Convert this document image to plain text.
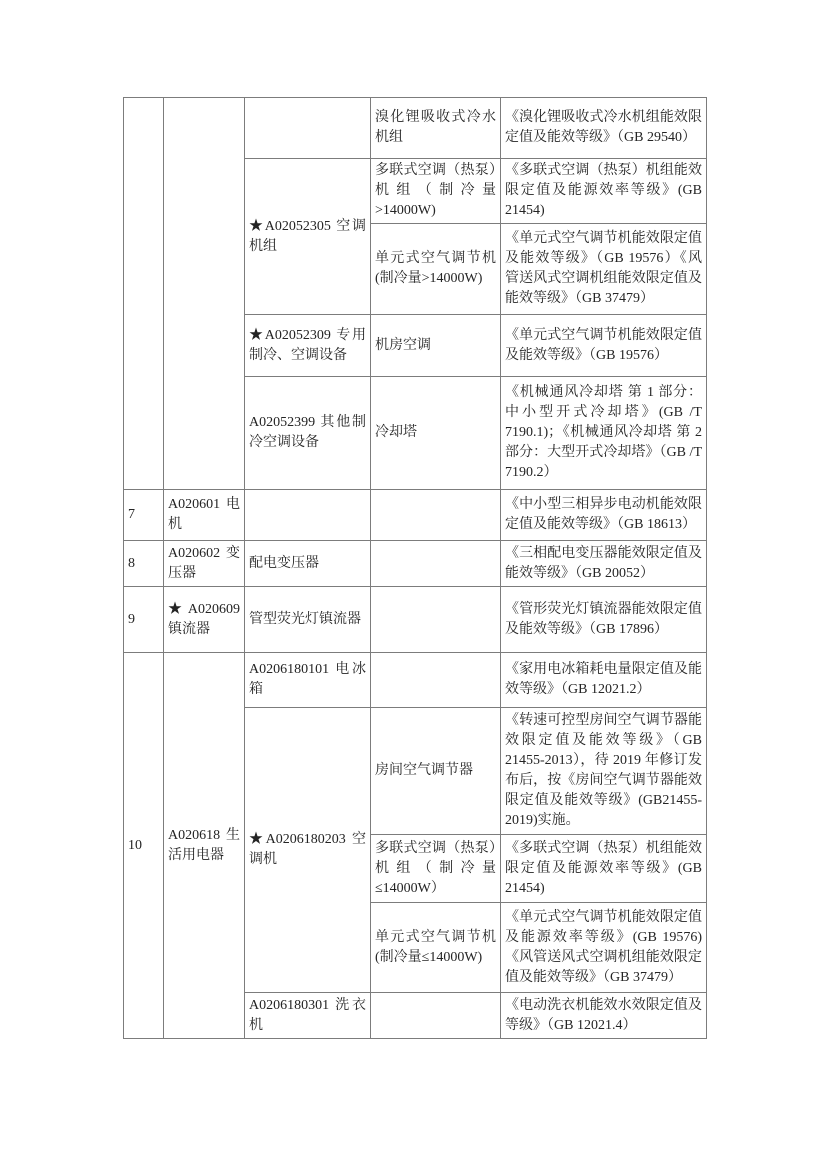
			溴化锂吸收式冷水机组	《溴化锂吸收式冷水机组能效限定值及能效等级》（GB 29540）
		★A02052305 空调机组	多联式空调（热泵）机组（制冷量>14000W)	《多联式空调（热泵）机组能效限定值及能源效率等级》(GB 21454)
			单元式空气调节机(制冷量>14000W)	《单元式空气调节机能效限定值及能效等级》（GB 19576）《风管送风式空调机组能效限定值及能效等级》（GB 37479）
		★A02052309 专用制冷、空调设备	机房空调	《单元式空气调节机能效限定值及能效等级》（GB 19576）
		A02052399 其他制冷空调设备	冷却塔	《机械通风冷却塔 第 1 部分：中小型开式冷却塔》(GB /T 7190.1)；《机械通风冷却塔 第 2 部分：大型开式冷却塔》（GB /T 7190.2）
7	A020601 电机			《中小型三相异步电动机能效限定值及能效等级》（GB 18613）
8	A020602 变压器	配电变压器		《三相配电变压器能效限定值及能效等级》（GB 20052）
9	★A020609 镇流器	管型荧光灯镇流器		《管形荧光灯镇流器能效限定值及能效等级》（GB 17896）
10	A020618 生活用电器	A0206180101 电冰箱		《家用电冰箱耗电量限定值及能效等级》（GB 12021.2）
		★A0206180203 空调机	房间空气调节器	《转速可控型房间空气调节器能效限定值及能效等级》（GB 21455-2013），待 2019 年修订发布后，按《房间空气调节器能效限定值及能效等级》(GB21455-2019)实施。
			多联式空调（热泵）机组（制冷量≤14000W）	《多联式空调（热泵）机组能效限定值及能源效率等级》(GB 21454)
			单元式空气调节机(制冷量≤14000W)	《单元式空气调节机能效限定值及能源效率等级》(GB 19576)《风管送风式空调机组能效限定值及能效等级》（GB 37479）
		A0206180301 洗衣机		《电动洗衣机能效水效限定值及等级》（GB 12021.4）
